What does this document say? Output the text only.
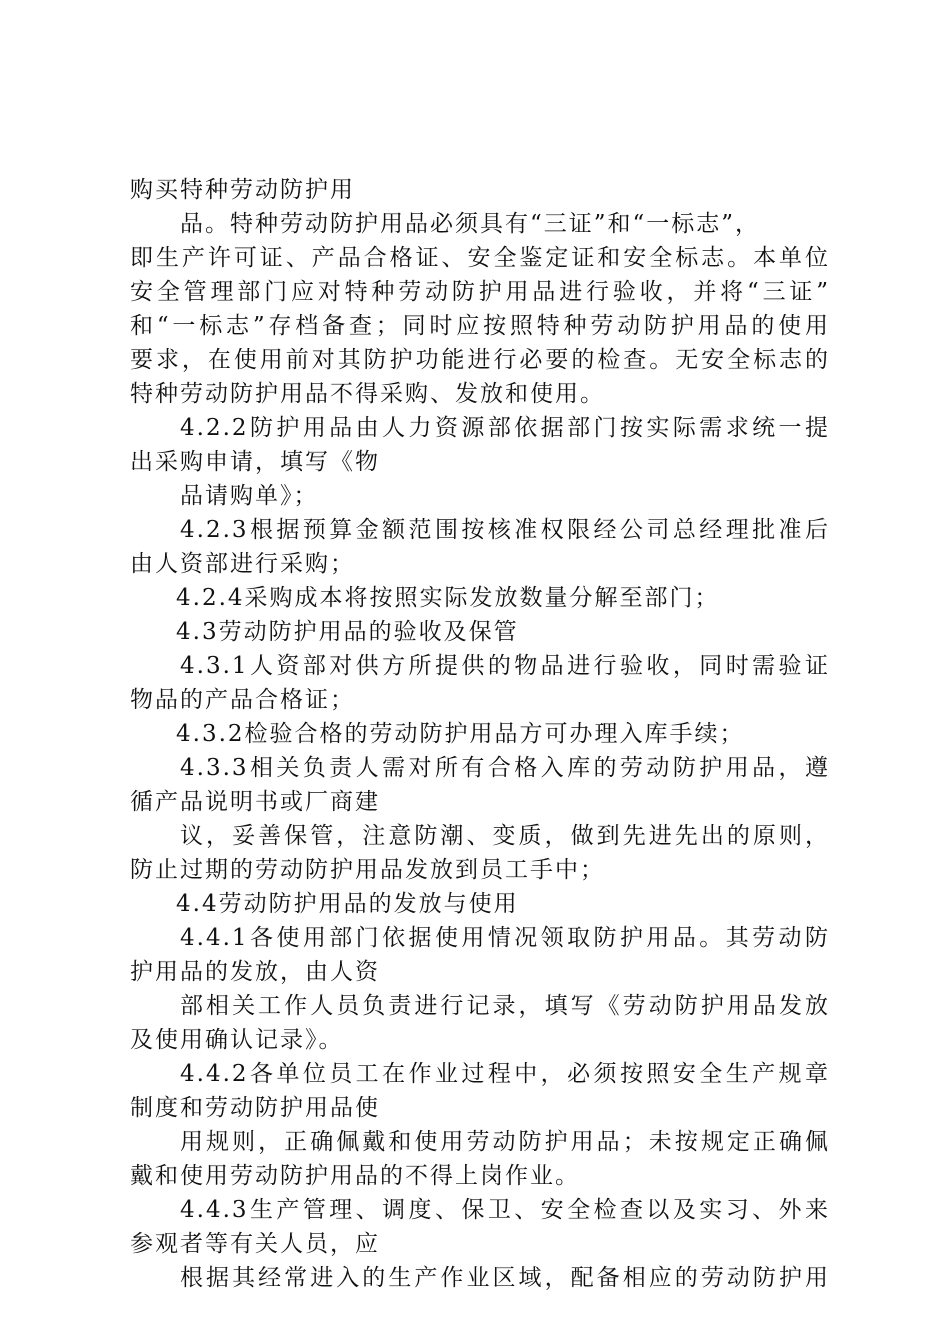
购买特种劳动防护用
品。特种劳动防护用品必须具有“三证”和“一标志”，
即生产许可证、产品合格证、安全鉴定证和安全标志。本单位
安全管理部门应对特种劳动防护用品进行验收，并将“三证”
和“一标志”存档备查；同时应按照特种劳动防护用品的使用
要求，在使用前对其防护功能进行必要的检查。无安全标志的
特种劳动防护用品不得采购、发放和使用。
4.2.2防护用品由人力资源部依据部门按实际需求统一提
出采购申请，填写《物
品请购单》；
4.2.3根据预算金额范围按核准权限经公司总经理批准后
由人资部进行采购；
4.2.4采购成本将按照实际发放数量分解至部门；
4.3劳动防护用品的验收及保管
4.3.1人资部对供方所提供的物品进行验收，同时需验证
物品的产品合格证；
4.3.2检验合格的劳动防护用品方可办理入库手续；
4.3.3相关负责人需对所有合格入库的劳动防护用品，遵
循产品说明书或厂商建
议，妥善保管，注意防潮、变质，做到先进先出的原则，
防止过期的劳动防护用品发放到员工手中；
4.4劳动防护用品的发放与使用
4.4.1各使用部门依据使用情况领取防护用品。其劳动防
护用品的发放，由人资
部相关工作人员负责进行记录，填写《劳动防护用品发放
及使用确认记录》。
4.4.2各单位员工在作业过程中，必须按照安全生产规章
制度和劳动防护用品使
用规则，正确佩戴和使用劳动防护用品；未按规定正确佩
戴和使用劳动防护用品的不得上岗作业。
4.4.3生产管理、调度、保卫、安全检查以及实习、外来
参观者等有关人员，应
根据其经常进入的生产作业区域，配备相应的劳动防护用
